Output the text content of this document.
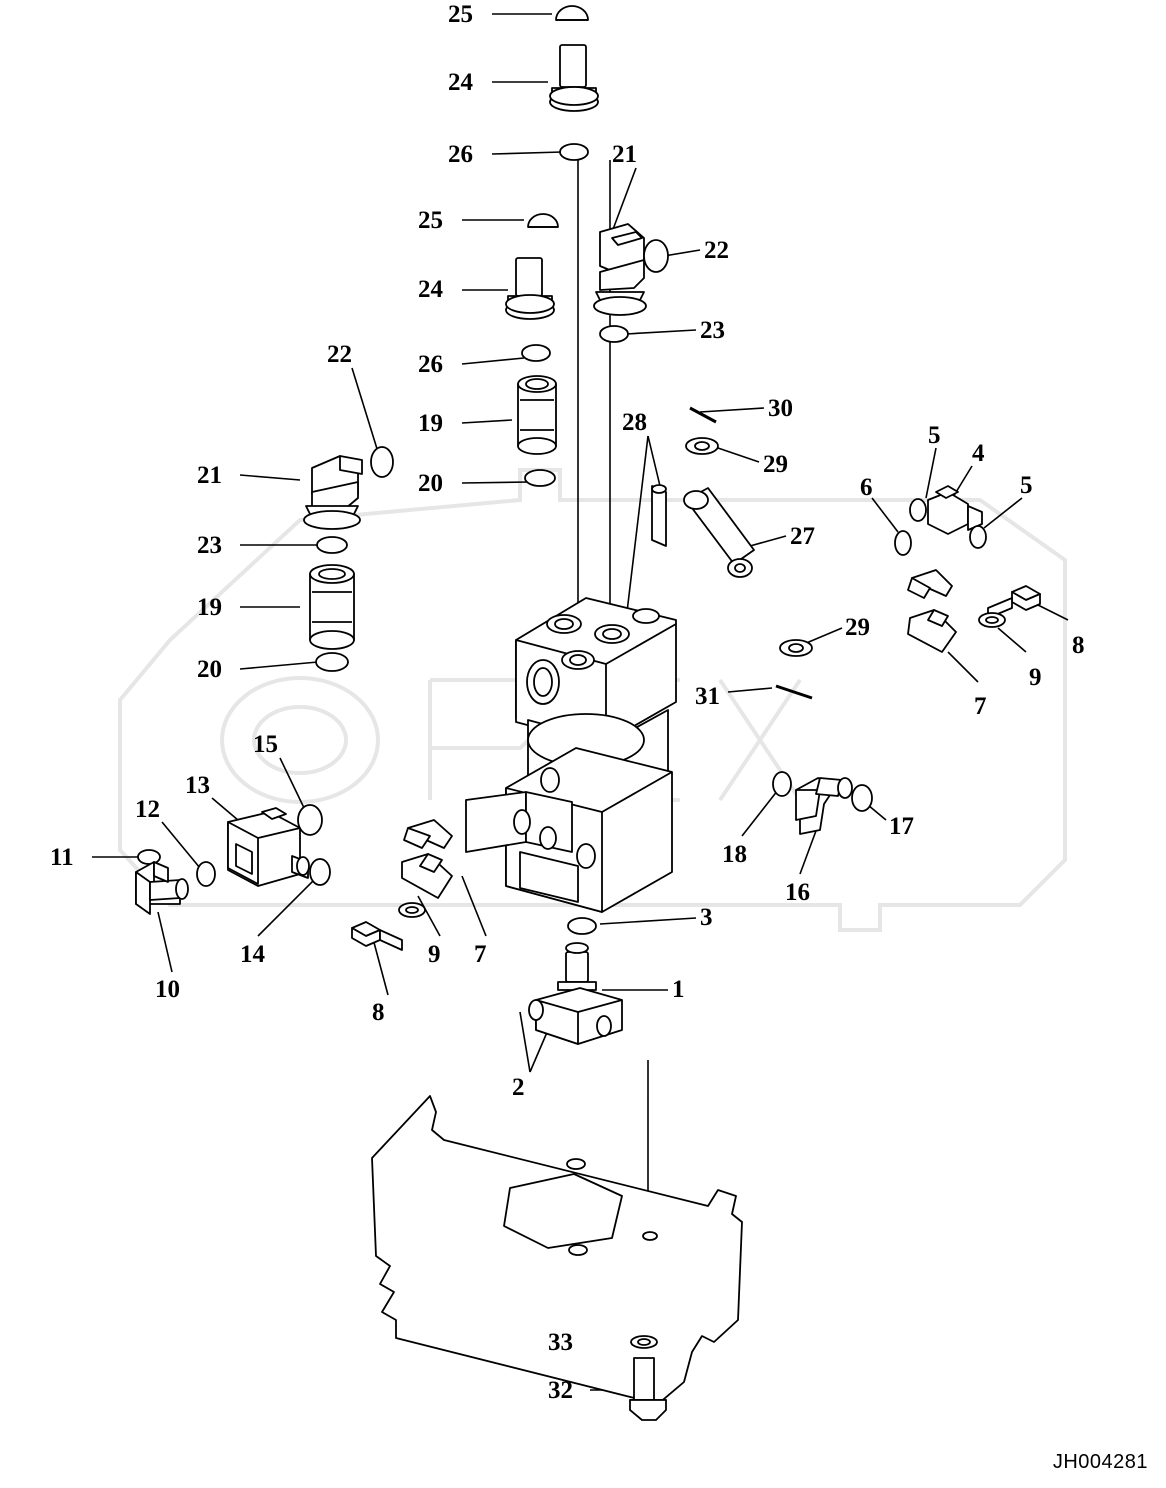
25
24
26	21
22
25
24
23
22	26
28
30
19	5
4
29
21	20	6	5
23	27
19
8
29
20	9
31	7
15
13
12
17
11	18
16
3
14	9 7
10	1
8
2
33
32
JH004281
